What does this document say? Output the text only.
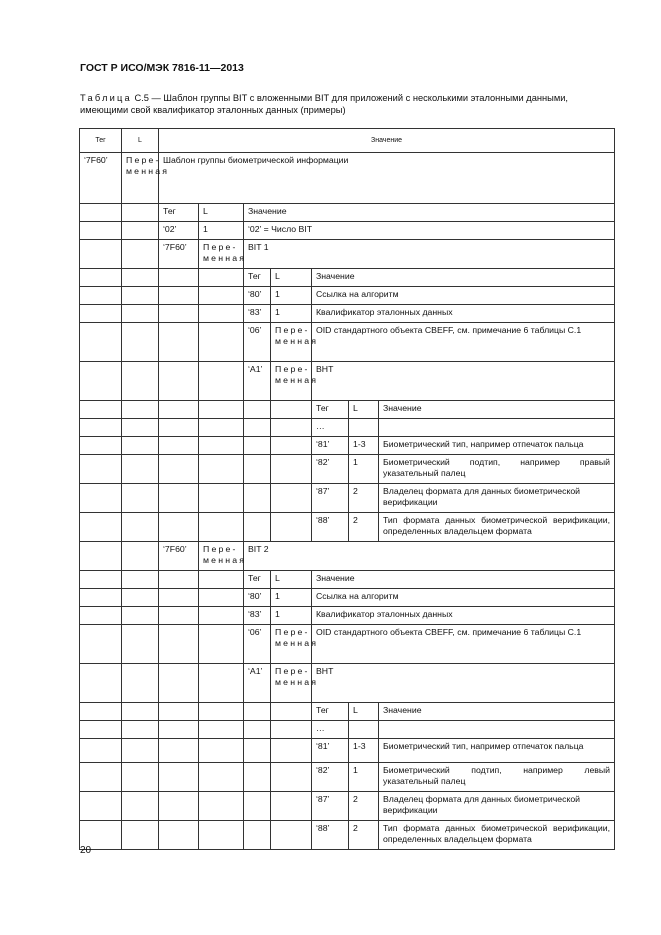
ГОСТ Р ИСО/МЭК 7816-11—2013
Таблица С.5 — Шаблон группы BIT с вложенными BIT для приложений с несколькими эталонными данными, имеющими свой квалификатор эталонных данных (примеры)
Тег	L	Значение						
‘7F60’	Пере-менная	Шаблон группы биометрической информации						
		Тег	L	Значение				
		‘02’	1	‘02’ = Число BIT				
		‘7F60’	Пере-менная	BIT 1				
				Тег	L	Значение		
				‘80’	1	Ссылка на алгоритм		
				‘83’	1	Квалификатор эталонных данных		
				‘06’	Пере-менная	OID стандартного объекта CBEFF, см. примечание 6 таблицы С.1		
				‘A1’	Пере-менная	BHT		
						Тег	L	Значение
						…		
						‘81’	1-3	Биометрический тип, например отпечаток пальца
						‘82’	1	Биометрический подтип, например правый указательный палец
						‘87’	2	Владелец формата для данных биометрической верификации
						‘88’	2	Тип формата данных биометрической верификации, определенных владельцем формата
		‘7F60’	Пере-менная	BIT 2				
				Тег	L	Значение		
				‘80’	1	Ссылка на алгоритм		
				‘83’	1	Квалификатор эталонных данных		
				‘06’	Пере-менная	OID стандартного объекта CBEFF, см. примечание 6 таблицы С.1		
				‘A1’	Пере-менная	BHT		
						Тег	L	Значение
						…		
						‘81’	1-3	Биометрический тип, например отпечаток пальца
						‘82’	1	Биометрический подтип, например левый указательный палец
						‘87’	2	Владелец формата для данных биометрической верификации
						‘88’	2	Тип формата данных биометрической верификации, определенных владельцем формата
20
